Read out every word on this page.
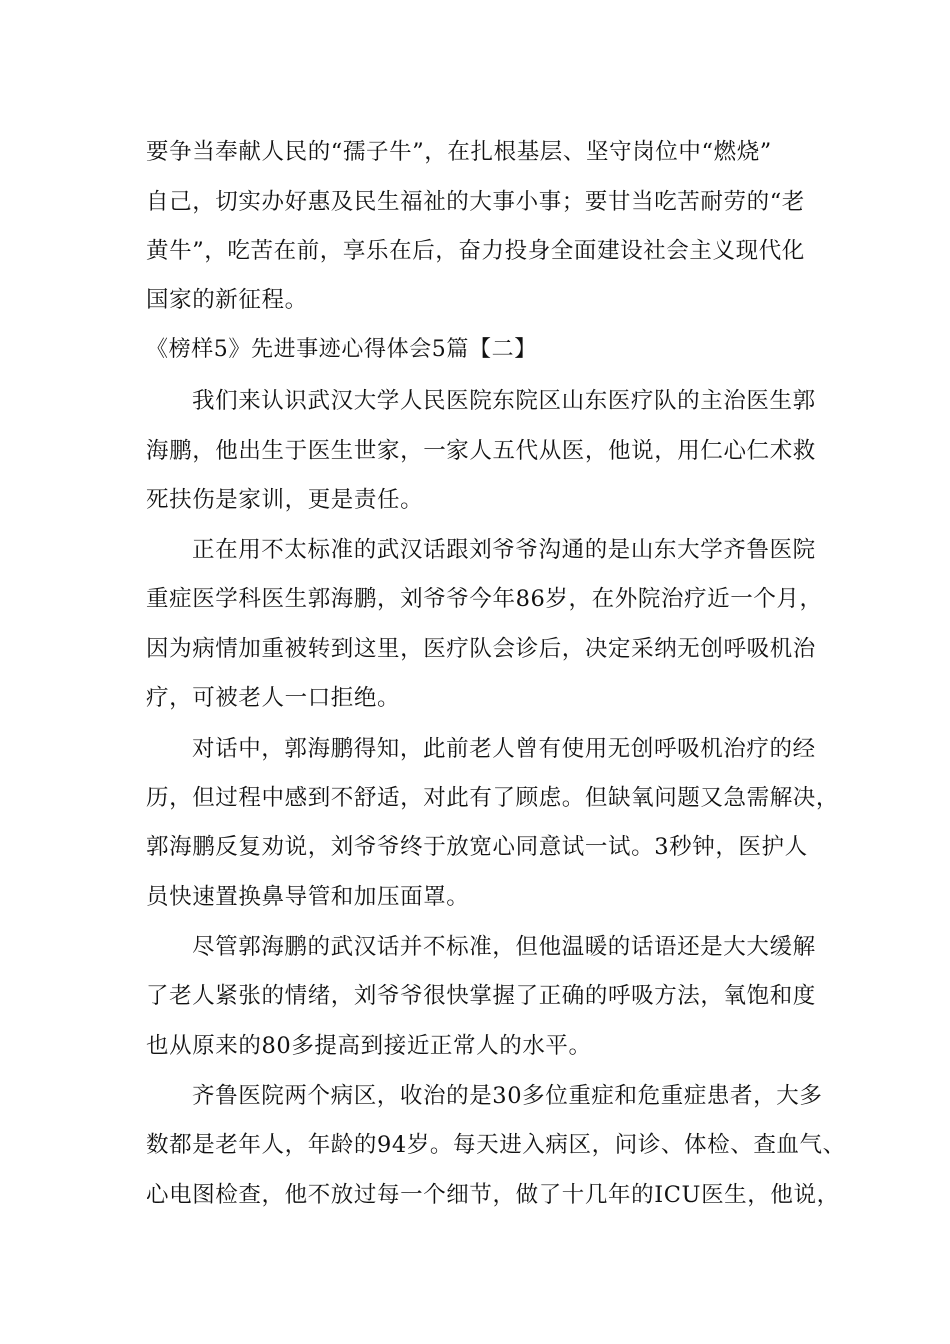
要争当奉献人民的“孺子牛”，在扎根基层、坚守岗位中“燃烧”
自己，切实办好惠及民生福祉的大事小事；要甘当吃苦耐劳的“老
黄牛”，吃苦在前，享乐在后，奋力投身全面建设社会主义现代化
国家的新征程。
《榜样5》先进事迹心得体会5篇【二】
我们来认识武汉大学人民医院东院区山东医疗队的主治医生郭
海鹏，他出生于医生世家，一家人五代从医，他说，用仁心仁术救
死扶伤是家训，更是责任。
正在用不太标准的武汉话跟刘爷爷沟通的是山东大学齐鲁医院
重症医学科医生郭海鹏，刘爷爷今年86岁，在外院治疗近一个月，
因为病情加重被转到这里，医疗队会诊后，决定采纳无创呼吸机治
疗，可被老人一口拒绝。
对话中，郭海鹏得知，此前老人曾有使用无创呼吸机治疗的经
历，但过程中感到不舒适，对此有了顾虑。但缺氧问题又急需解决，
郭海鹏反复劝说，刘爷爷终于放宽心同意试一试。3秒钟，医护人
员快速置换鼻导管和加压面罩。
尽管郭海鹏的武汉话并不标准，但他温暖的话语还是大大缓解
了老人紧张的情绪，刘爷爷很快掌握了正确的呼吸方法，氧饱和度
也从原来的80多提高到接近正常人的水平。
齐鲁医院两个病区，收治的是30多位重症和危重症患者，大多
数都是老年人，年龄的94岁。每天进入病区，问诊、体检、查血气、
心电图检查，他不放过每一个细节，做了十几年的ICU医生，他说，
